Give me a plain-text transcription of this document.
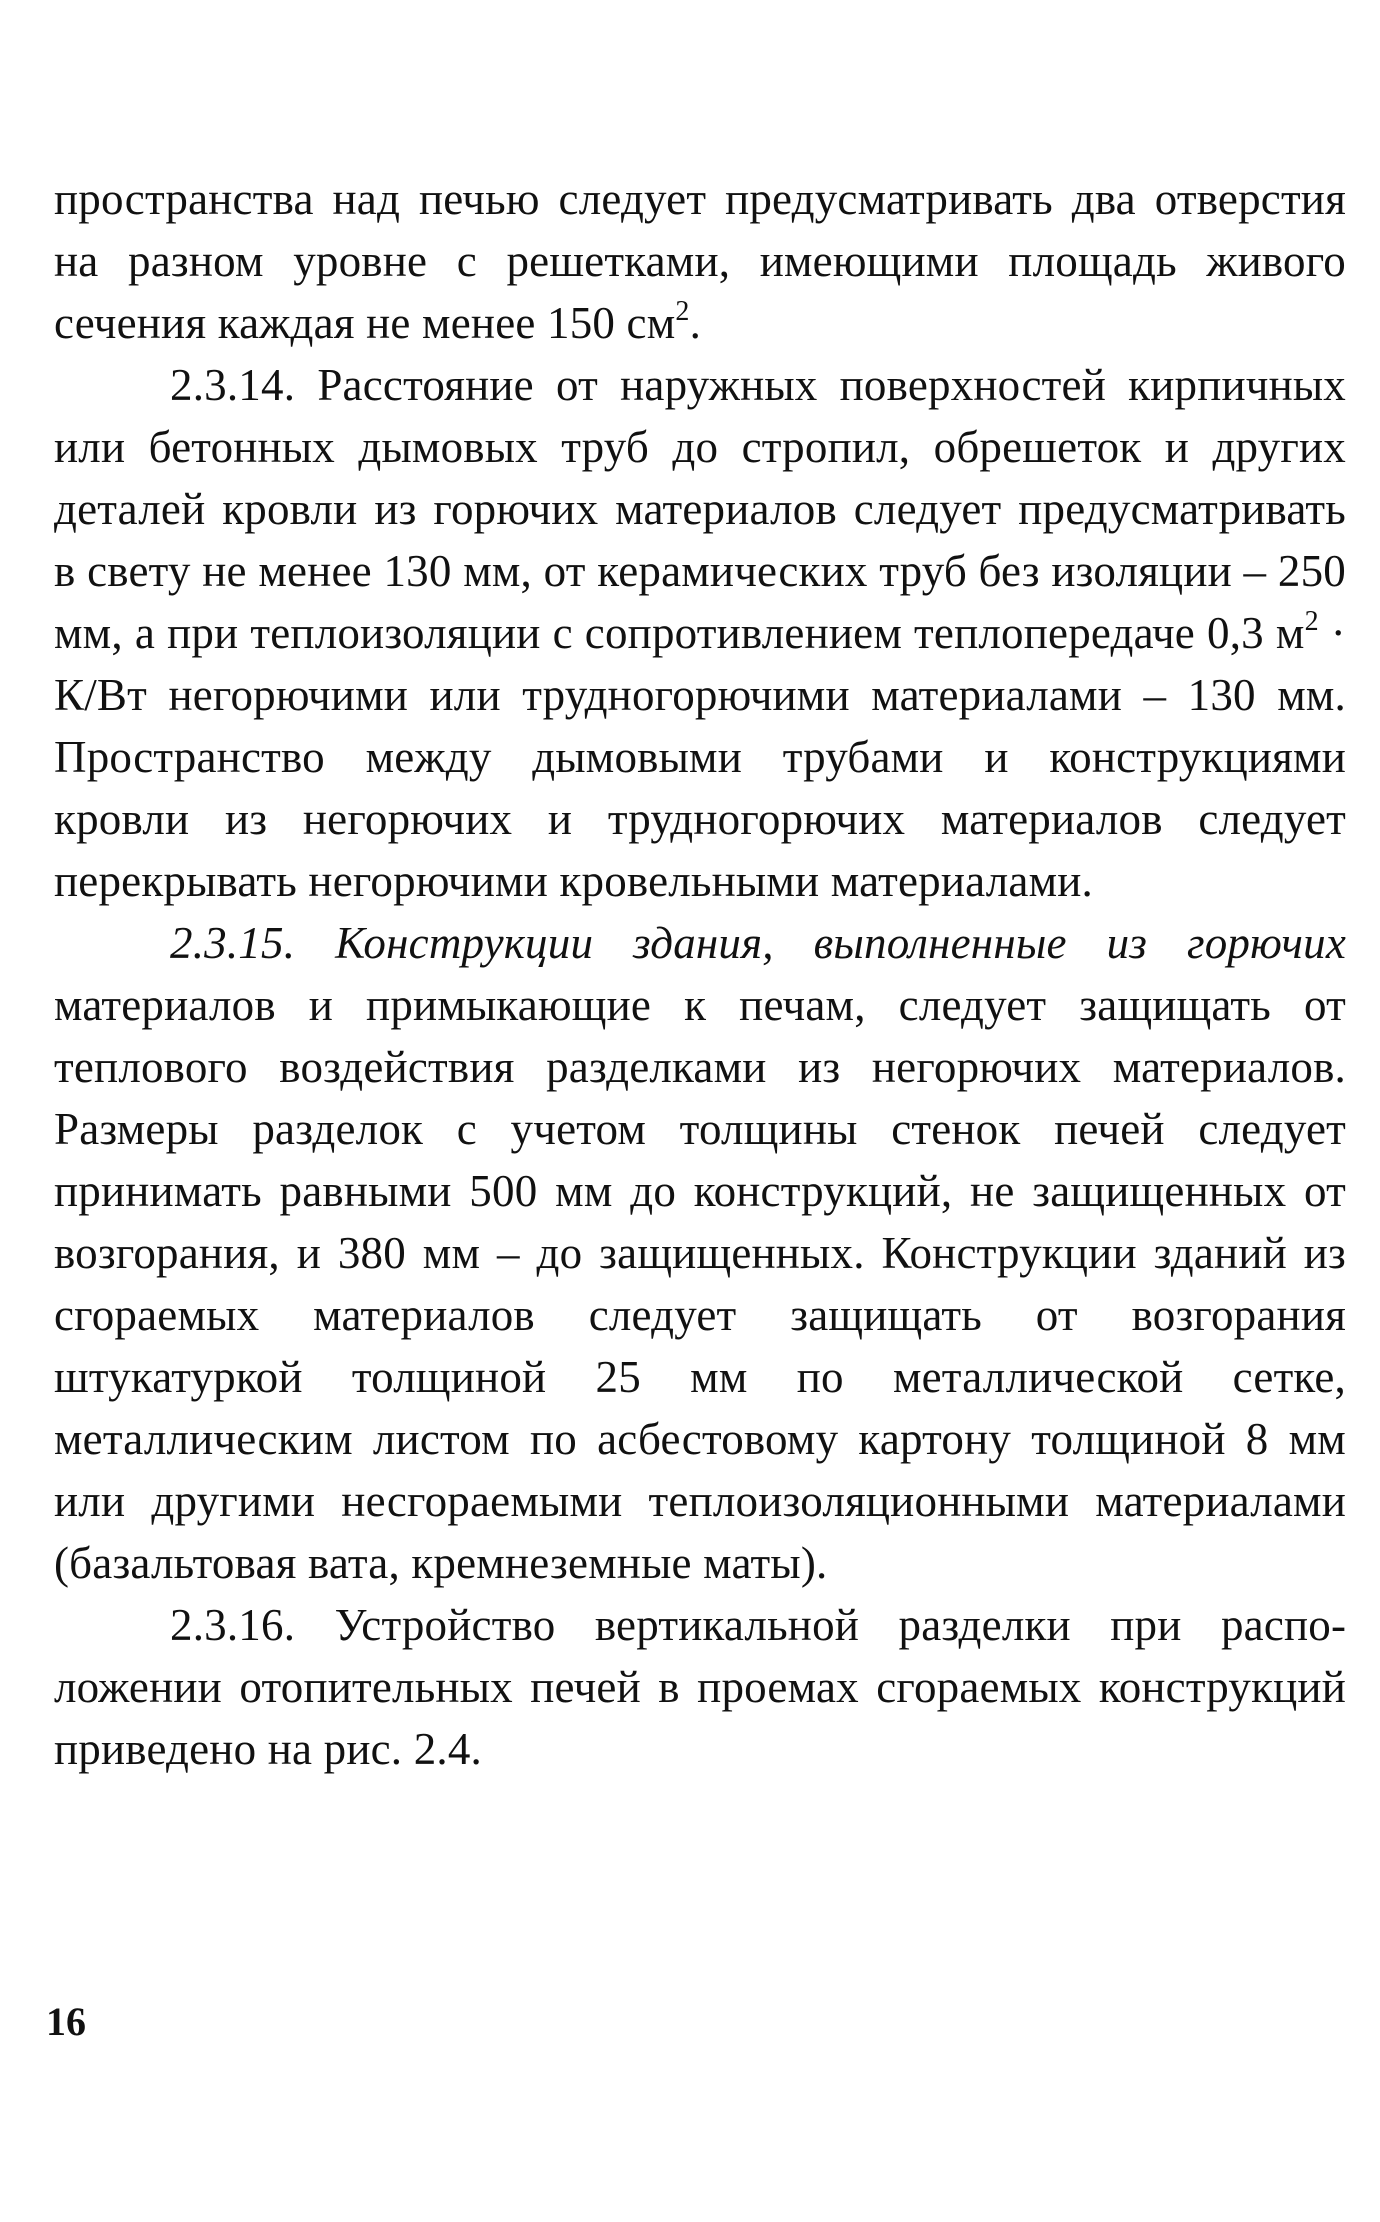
пространства над печью следует предусматривать два отверстия на разном уровне с решетками, имеющими площадь живого сечения каждая не менее 150 $см^2$.

2.3.14. Расстояние от наружных поверхностей кирпичных или бетонных дымовых труб до стропил, обрешеток и других деталей кровли из горючих материалов следует предусматривать в свету не менее 130 мм, от керамических труб без изоляции – 250 мм, а при теплоизоляции с сопротивлением теплопередаче 0,3 $м^2 \cdot К/Вт$ негорючими или трудногорючими материалами – 130 мм. Пространство между дымовыми трубами и конструкциями кровли из негорючих и трудногорючих материалов следует перекрывать негорючими кровельными материалами.

2.3.15. Конструкции здания, выполненные из горючих материалов и примыкающие к печам, следует защищать от теплового воздействия разделками из негорючих материалов. Размеры разделок с учетом толщины стенок печей следует принимать равными 500 мм до конструкций, не защищенных от возгорания, и 380 мм – до защищенных. Конструкции зданий из сгораемых материалов следует защищать от возгорания штукатуркой толщиной 25 мм по металлической сетке, металлическим листом по асбестовому картону толщиной 8 мм или другими несгораемыми теплоизоляционными материалами (базальтовая вата, кремнеземные маты).

2.3.16. Устройство вертикальной разделки при расположении отопительных печей в проемах сгораемых конструкций приведено на рис. 2.4.

16
